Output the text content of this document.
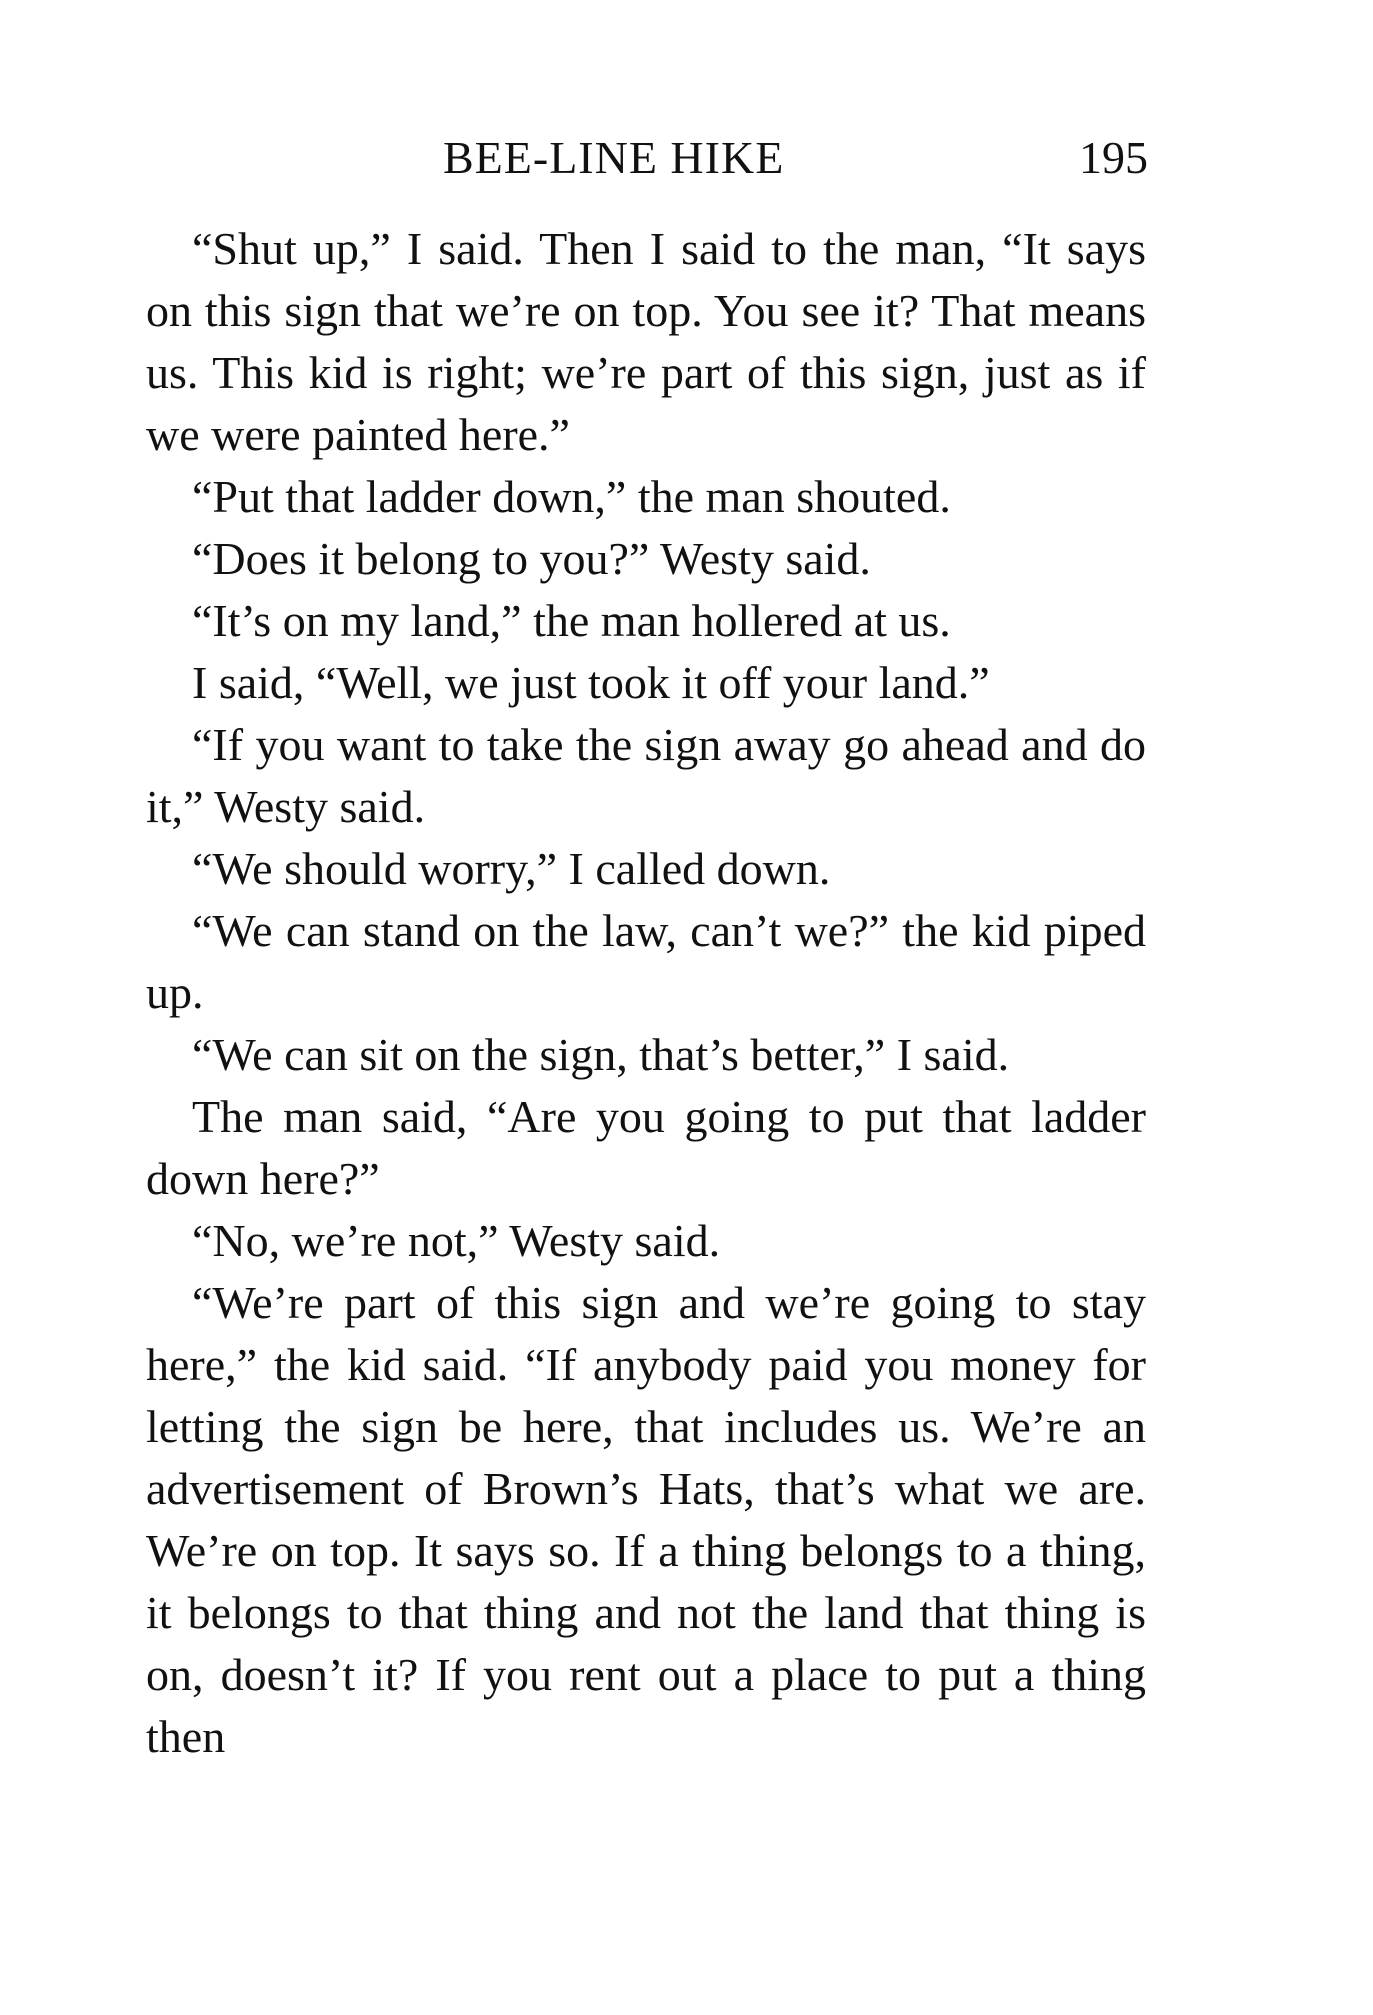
BEE-LINE HIKE	195

“Shut up,” I said. Then I said to the man, “It says on this sign that we’re on top. You see it? That means us. This kid is right; we’re part of this sign, just as if we were painted here.”

“Put that ladder down,” the man shouted.

“Does it belong to you?” Westy said.

“It’s on my land,” the man hollered at us.

I said, “Well, we just took it off your land.”

“If you want to take the sign away go ahead and do it,” Westy said.

“We should worry,” I called down.

“We can stand on the law, can’t we?” the kid piped up.

“We can sit on the sign, that’s better,” I said.

The man said, “Are you going to put that ladder down here?”

“No, we’re not,” Westy said.

“We’re part of this sign and we’re going to stay here,” the kid said. “If anybody paid you money for letting the sign be here, that includes us. We’re an advertisement of Brown’s Hats, that’s what we are. We’re on top. It says so. If a thing belongs to a thing, it belongs to that thing and not the land that thing is on, doesn’t it? If you rent out a place to put a thing then
